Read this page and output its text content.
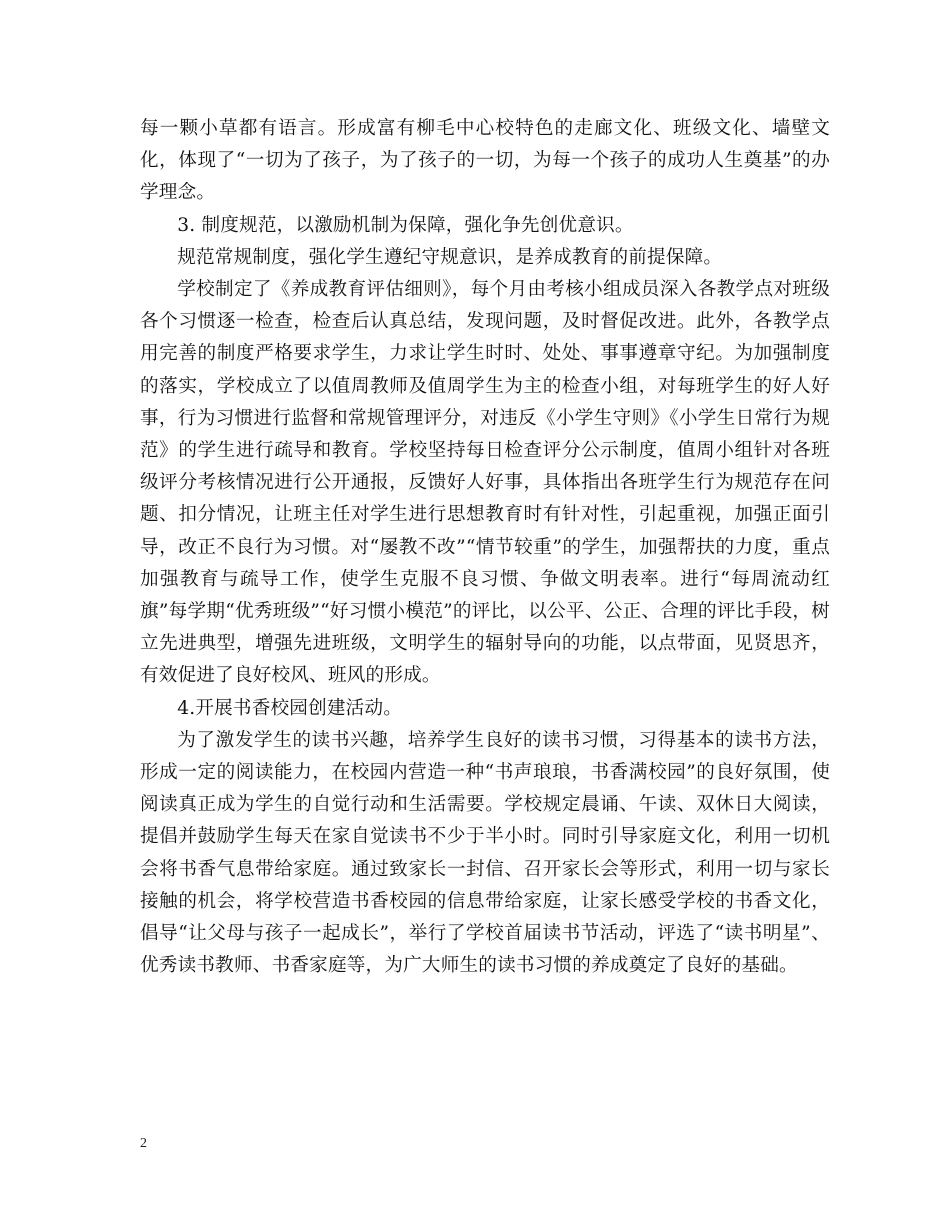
每一颗小草都有语言。形成富有柳毛中心校特色的走廊文化、班级文化、墙壁文化，体现了“一切为了孩子，为了孩子的一切，为每一个孩子的成功人生奠基”的办学理念。

3. 制度规范，以激励机制为保障，强化争先创优意识。

规范常规制度，强化学生遵纪守规意识，是养成教育的前提保障。

学校制定了《养成教育评估细则》，每个月由考核小组成员深入各教学点对班级各个习惯逐一检查，检查后认真总结，发现问题，及时督促改进。此外，各教学点用完善的制度严格要求学生，力求让学生时时、处处、事事遵章守纪。为加强制度的落实，学校成立了以值周教师及值周学生为主的检查小组，对每班学生的好人好事，行为习惯进行监督和常规管理评分，对违反《小学生守则》《小学生日常行为规范》的学生进行疏导和教育。学校坚持每日检查评分公示制度，值周小组针对各班级评分考核情况进行公开通报，反馈好人好事，具体指出各班学生行为规范存在问题、扣分情况，让班主任对学生进行思想教育时有针对性，引起重视，加强正面引导，改正不良行为习惯。对“屡教不改”“情节较重”的学生，加强帮扶的力度，重点加强教育与疏导工作，使学生克服不良习惯、争做文明表率。进行“每周流动红旗”每学期“优秀班级”“好习惯小模范”的评比，以公平、公正、合理的评比手段，树立先进典型，增强先进班级，文明学生的辐射导向的功能，以点带面，见贤思齐，有效促进了良好校风、班风的形成。

4.开展书香校园创建活动。

为了激发学生的读书兴趣，培养学生良好的读书习惯，习得基本的读书方法，形成一定的阅读能力，在校园内营造一种“书声琅琅，书香满校园”的良好氛围，使阅读真正成为学生的自觉行动和生活需要。学校规定晨诵、午读、双休日大阅读，提倡并鼓励学生每天在家自觉读书不少于半小时。同时引导家庭文化，利用一切机会将书香气息带给家庭。通过致家长一封信、召开家长会等形式，利用一切与家长接触的机会，将学校营造书香校园的信息带给家庭，让家长感受学校的书香文化，倡导“让父母与孩子一起成长”，举行了学校首届读书节活动，评选了“读书明星”、优秀读书教师、书香家庭等，为广大师生的读书习惯的养成奠定了良好的基础。

2
